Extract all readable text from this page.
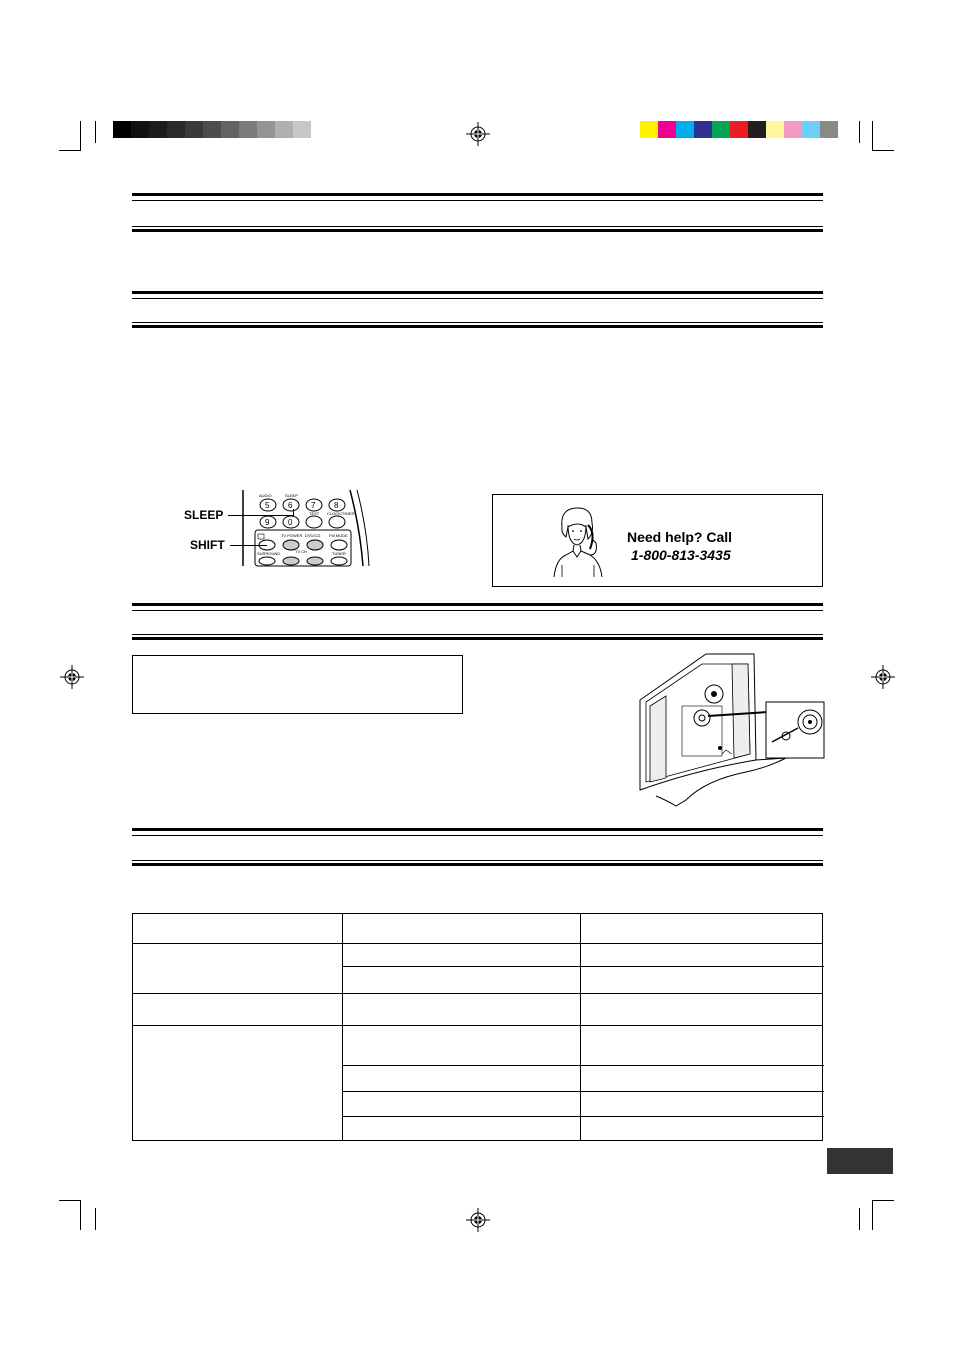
SLEEP
SHIFT
AUDIO	SLEEP
5 6 7 8
9 0
TEST CLOCK/TIMER
TV POWER DVD/CD FM MODE
SURROUND	TV CH	TUNER
Need help? Call
1-800-813-3435
